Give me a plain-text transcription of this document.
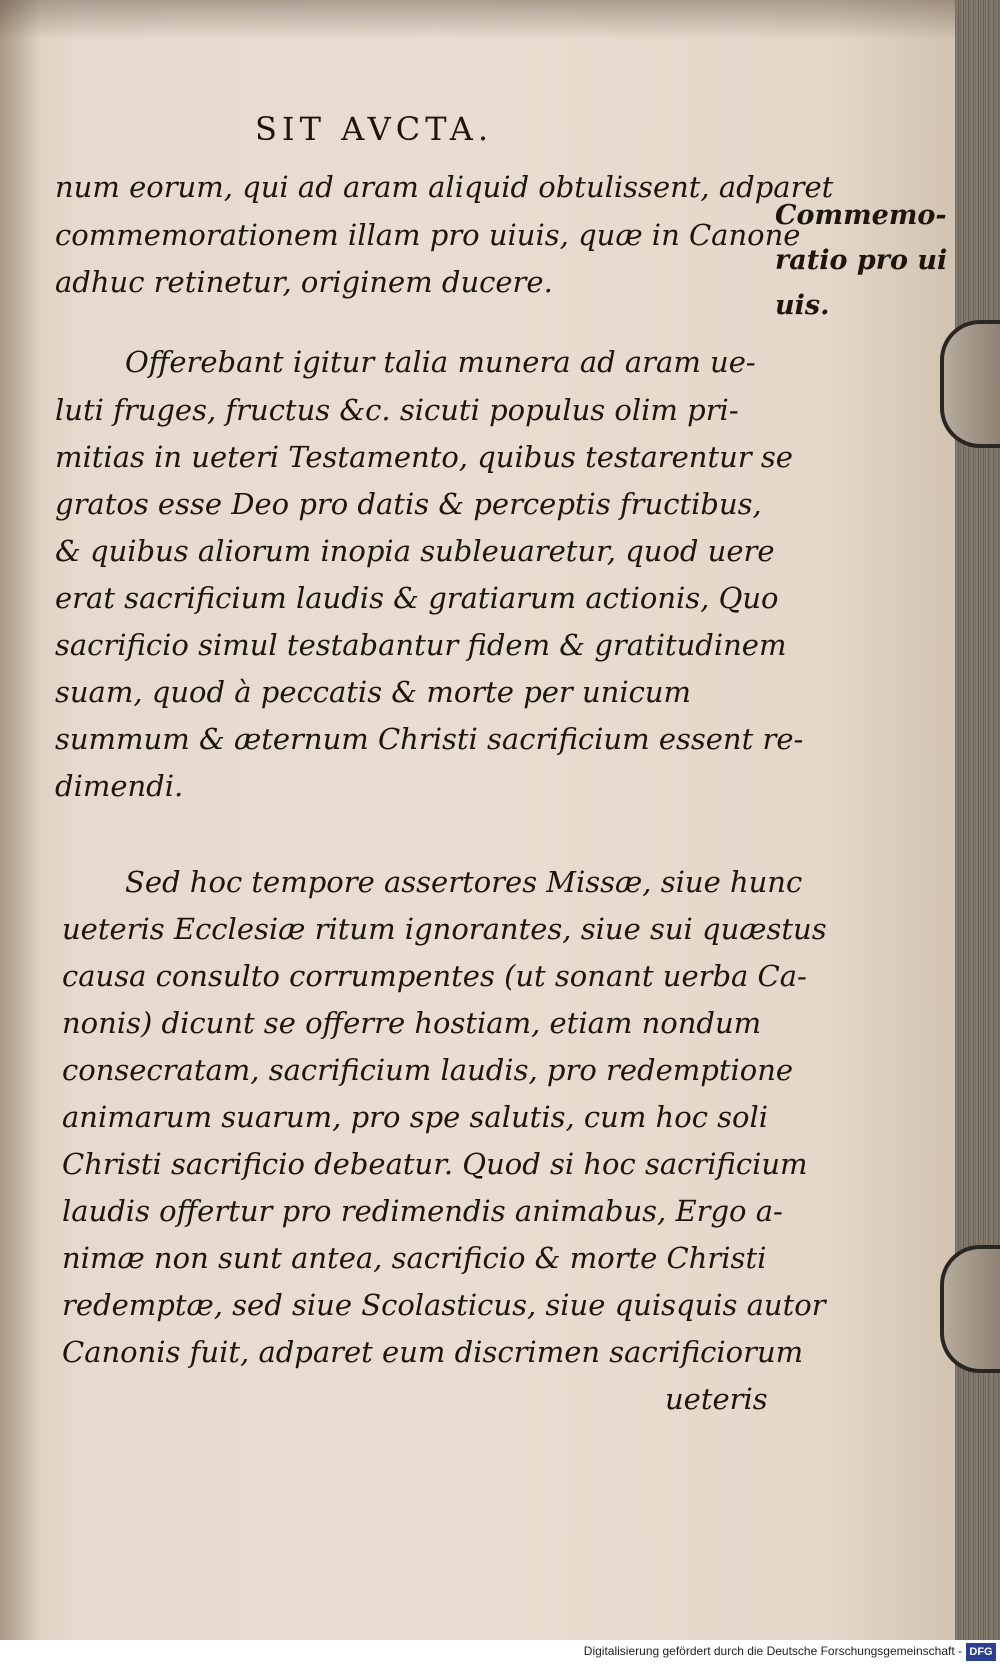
SIT AVCTA.
num eorum, qui ad aram aliquid obtulissent, adparet
commemorationem illam pro uiuis, quæ in Canone
adhuc retinetur, originem ducere.
Offerebant igitur talia munera ad aram ue-
luti fruges, fructus &c. sicuti populus olim pri-
mitias in ueteri Testamento, quibus testarentur se
gratos esse Deo pro datis & perceptis fructibus,
& quibus aliorum inopia subleuaretur, quod uere
erat sacrificium laudis & gratiarum actionis, Quo
sacrificio simul testabantur fidem & gratitudinem
suam, quod à peccatis & morte per unicum
summum & æternum Christi sacrificium essent re-
dimendi.
Sed hoc tempore assertores Missæ, siue hunc
ueteris Ecclesiæ ritum ignorantes, siue sui quæstus
causa consulto corrumpentes (ut sonant uerba Ca-
nonis) dicunt se offerre hostiam, etiam nondum
consecratam, sacrificium laudis, pro redemptione
animarum suarum, pro spe salutis, cum hoc soli
Christi sacrificio debeatur. Quod si hoc sacrificium
laudis offertur pro redimendis animabus, Ergo a-
nimæ non sunt antea, sacrificio & morte Christi
redemptæ, sed siue Scolasticus, siue quisquis autor
Canonis fuit, adparet eum discrimen sacrificiorum
ueteris
Commemo-
ratio pro ui
uis.
Digitalisierung gefördert durch die Deutsche Forschungsgemeinschaft - DFG
